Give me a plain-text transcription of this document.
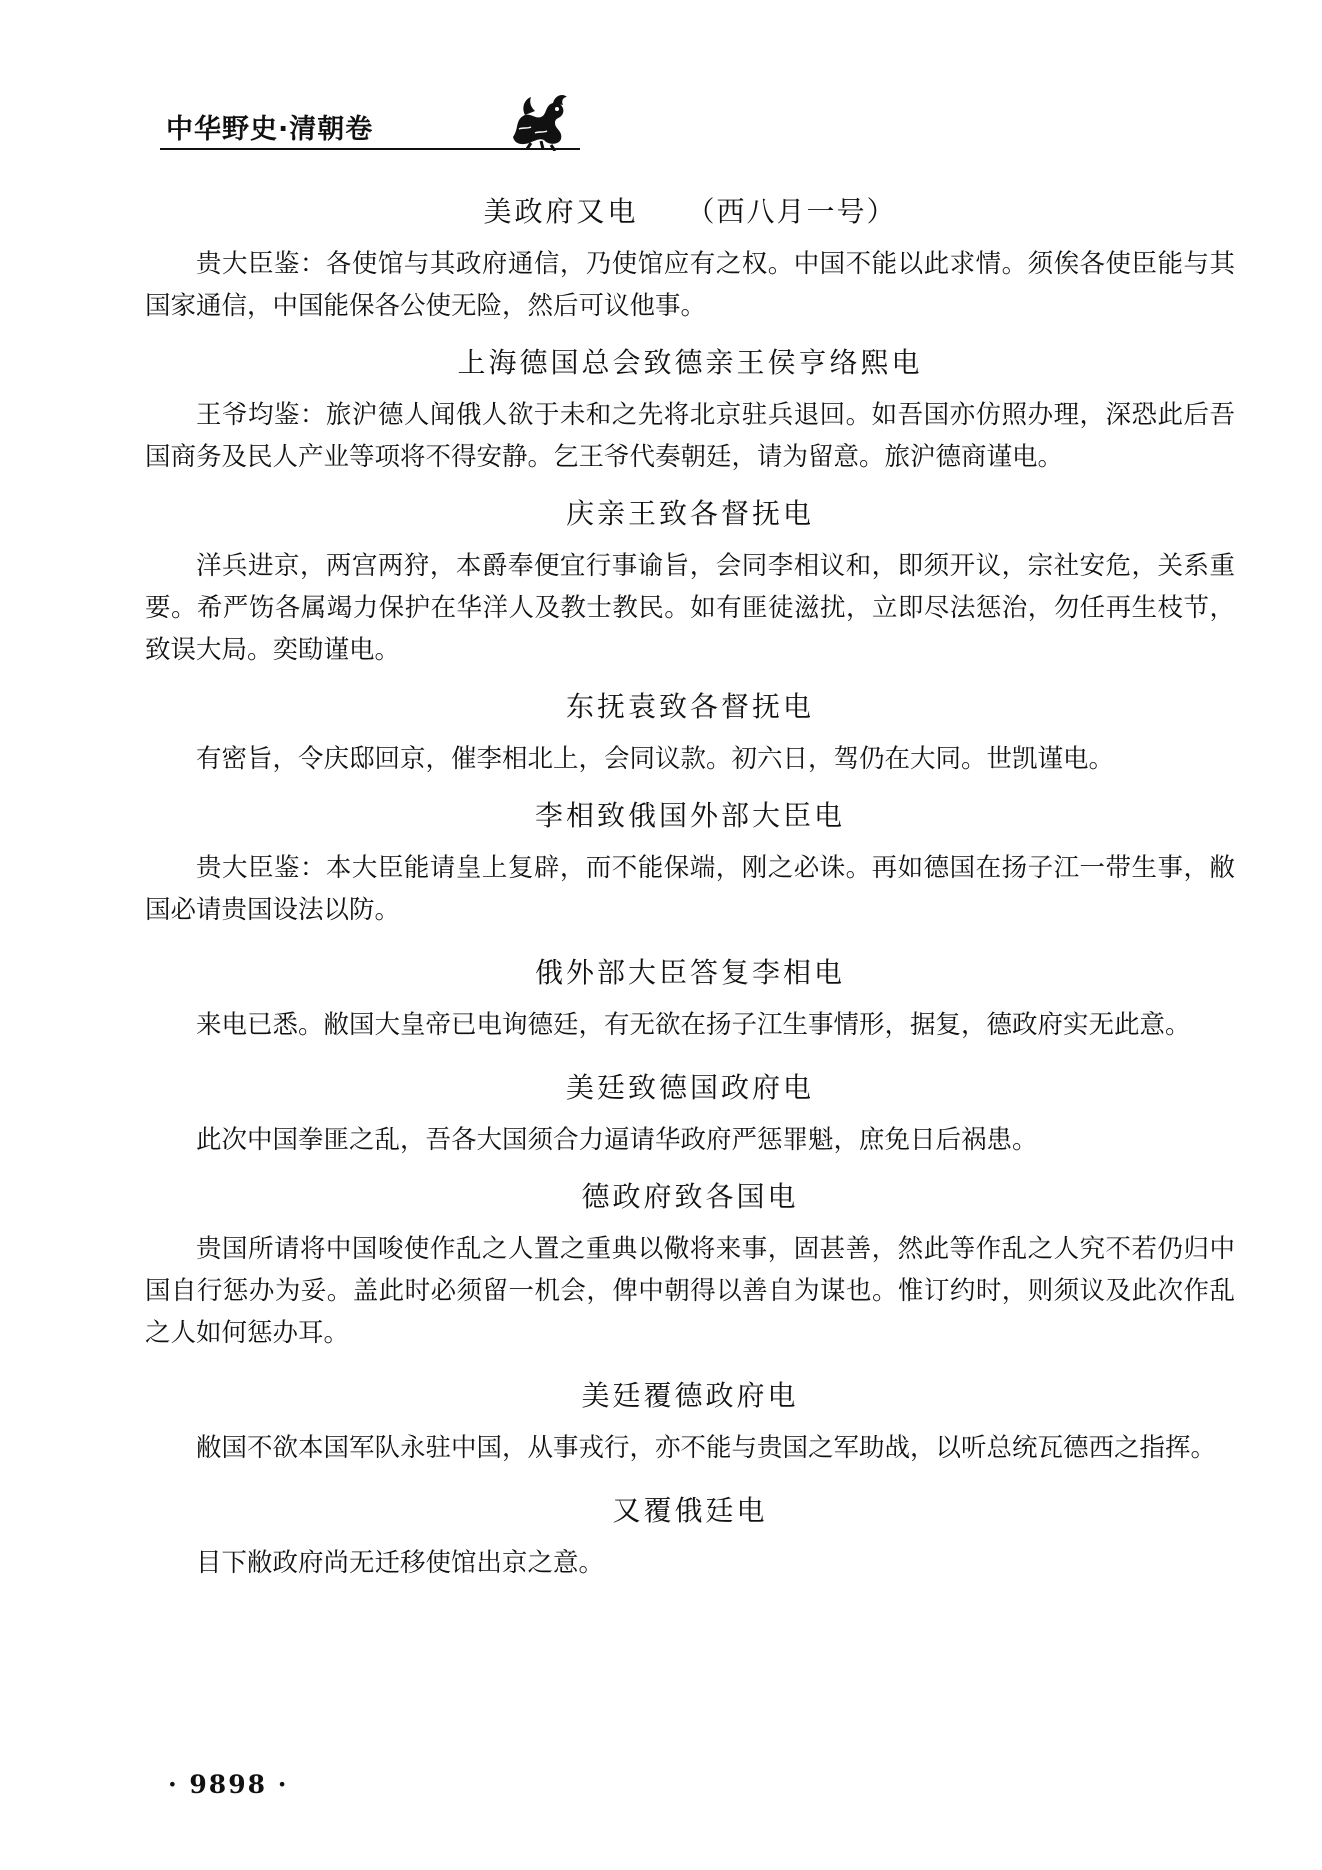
中华野史·清朝卷
美政府又电 （西八月一号）

贵大臣鉴：各使馆与其政府通信，乃使馆应有之权。中国不能以此求情。须俟各使臣能与其国家通信，中国能保各公使无险，然后可议他事。

上海德国总会致德亲王侯亨络熙电

王爷均鉴：旅沪德人闻俄人欲于未和之先将北京驻兵退回。如吾国亦仿照办理，深恐此后吾国商务及民人产业等项将不得安静。乞王爷代奏朝廷，请为留意。旅沪德商谨电。

庆亲王致各督抚电

洋兵进京，两宫两狩，本爵奉便宜行事谕旨，会同李相议和，即须开议，宗社安危，关系重要。希严饬各属竭力保护在华洋人及教士教民。如有匪徒滋扰，立即尽法惩治，勿任再生枝节，致误大局。奕劻谨电。

东抚袁致各督抚电

有密旨，令庆邸回京，催李相北上，会同议款。初六日，驾仍在大同。世凯谨电。

李相致俄国外部大臣电

贵大臣鉴：本大臣能请皇上复辟，而不能保端，刚之必诛。再如德国在扬子江一带生事，敝国必请贵国设法以防。

俄外部大臣答复李相电

来电已悉。敝国大皇帝已电询德廷，有无欲在扬子江生事情形，据复，德政府实无此意。

美廷致德国政府电

此次中国拳匪之乱，吾各大国须合力逼请华政府严惩罪魁，庶免日后祸患。

德政府致各国电

贵国所请将中国唆使作乱之人置之重典以儆将来事，固甚善，然此等作乱之人究不若仍归中国自行惩办为妥。盖此时必须留一机会，俾中朝得以善自为谋也。惟订约时，则须议及此次作乱之人如何惩办耳。

美廷覆德政府电

敝国不欲本国军队永驻中国，从事戎行，亦不能与贵国之军助战，以听总统瓦德西之指挥。

又覆俄廷电

目下敝政府尚无迁移使馆出京之意。

· 9898 ·
